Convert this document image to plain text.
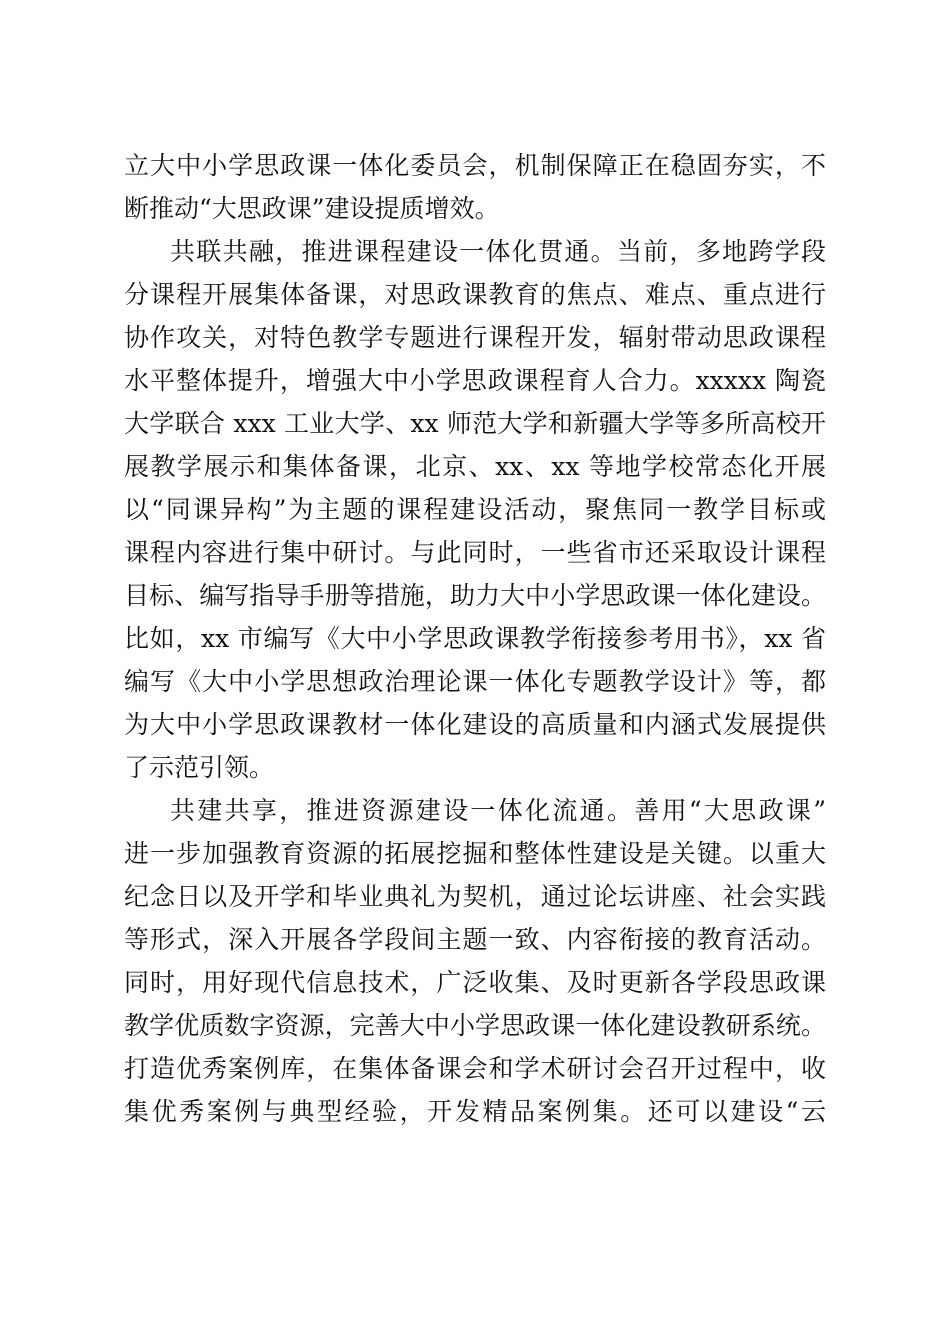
立大中小学思政课一体化委员会，机制保障正在稳固夯实，不
断推动“大思政课”建设提质增效。
共联共融，推进课程建设一体化贯通。当前，多地跨学段
分课程开展集体备课，对思政课教育的焦点、难点、重点进行
协作攻关，对特色教学专题进行课程开发，辐射带动思政课程
水平整体提升，增强大中小学思政课程育人合力。xxxxx 陶瓷
大学联合 xxx 工业大学、xx 师范大学和新疆大学等多所高校开
展教学展示和集体备课，北京、xx、xx 等地学校常态化开展
以“同课异构”为主题的课程建设活动，聚焦同一教学目标或
课程内容进行集中研讨。与此同时，一些省市还采取设计课程
目标、编写指导手册等措施，助力大中小学思政课一体化建设。
比如，xx 市编写《大中小学思政课教学衔接参考用书》，xx 省
编写《大中小学思想政治理论课一体化专题教学设计》等，都
为大中小学思政课教材一体化建设的高质量和内涵式发展提供
了示范引领。
共建共享，推进资源建设一体化流通。善用“大思政课”
进一步加强教育资源的拓展挖掘和整体性建设是关键。以重大
纪念日以及开学和毕业典礼为契机，通过论坛讲座、社会实践
等形式，深入开展各学段间主题一致、内容衔接的教育活动。
同时，用好现代信息技术，广泛收集、及时更新各学段思政课
教学优质数字资源，完善大中小学思政课一体化建设教研系统。
打造优秀案例库，在集体备课会和学术研讨会召开过程中，收
集优秀案例与典型经验，开发精品案例集。还可以建设“云
